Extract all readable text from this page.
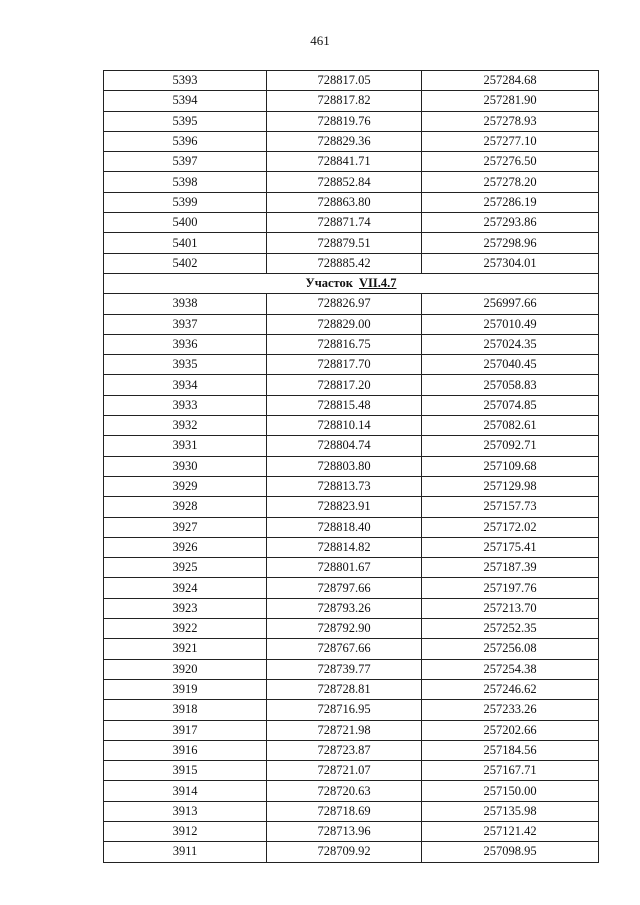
461
5393	728817.05	257284.68
5394	728817.82	257281.90
5395	728819.76	257278.93
5396	728829.36	257277.10
5397	728841.71	257276.50
5398	728852.84	257278.20
5399	728863.80	257286.19
5400	728871.74	257293.86
5401	728879.51	257298.96
5402	728885.42	257304.01
Участок VII.4.7		
3938	728826.97	256997.66
3937	728829.00	257010.49
3936	728816.75	257024.35
3935	728817.70	257040.45
3934	728817.20	257058.83
3933	728815.48	257074.85
3932	728810.14	257082.61
3931	728804.74	257092.71
3930	728803.80	257109.68
3929	728813.73	257129.98
3928	728823.91	257157.73
3927	728818.40	257172.02
3926	728814.82	257175.41
3925	728801.67	257187.39
3924	728797.66	257197.76
3923	728793.26	257213.70
3922	728792.90	257252.35
3921	728767.66	257256.08
3920	728739.77	257254.38
3919	728728.81	257246.62
3918	728716.95	257233.26
3917	728721.98	257202.66
3916	728723.87	257184.56
3915	728721.07	257167.71
3914	728720.63	257150.00
3913	728718.69	257135.98
3912	728713.96	257121.42
3911	728709.92	257098.95
